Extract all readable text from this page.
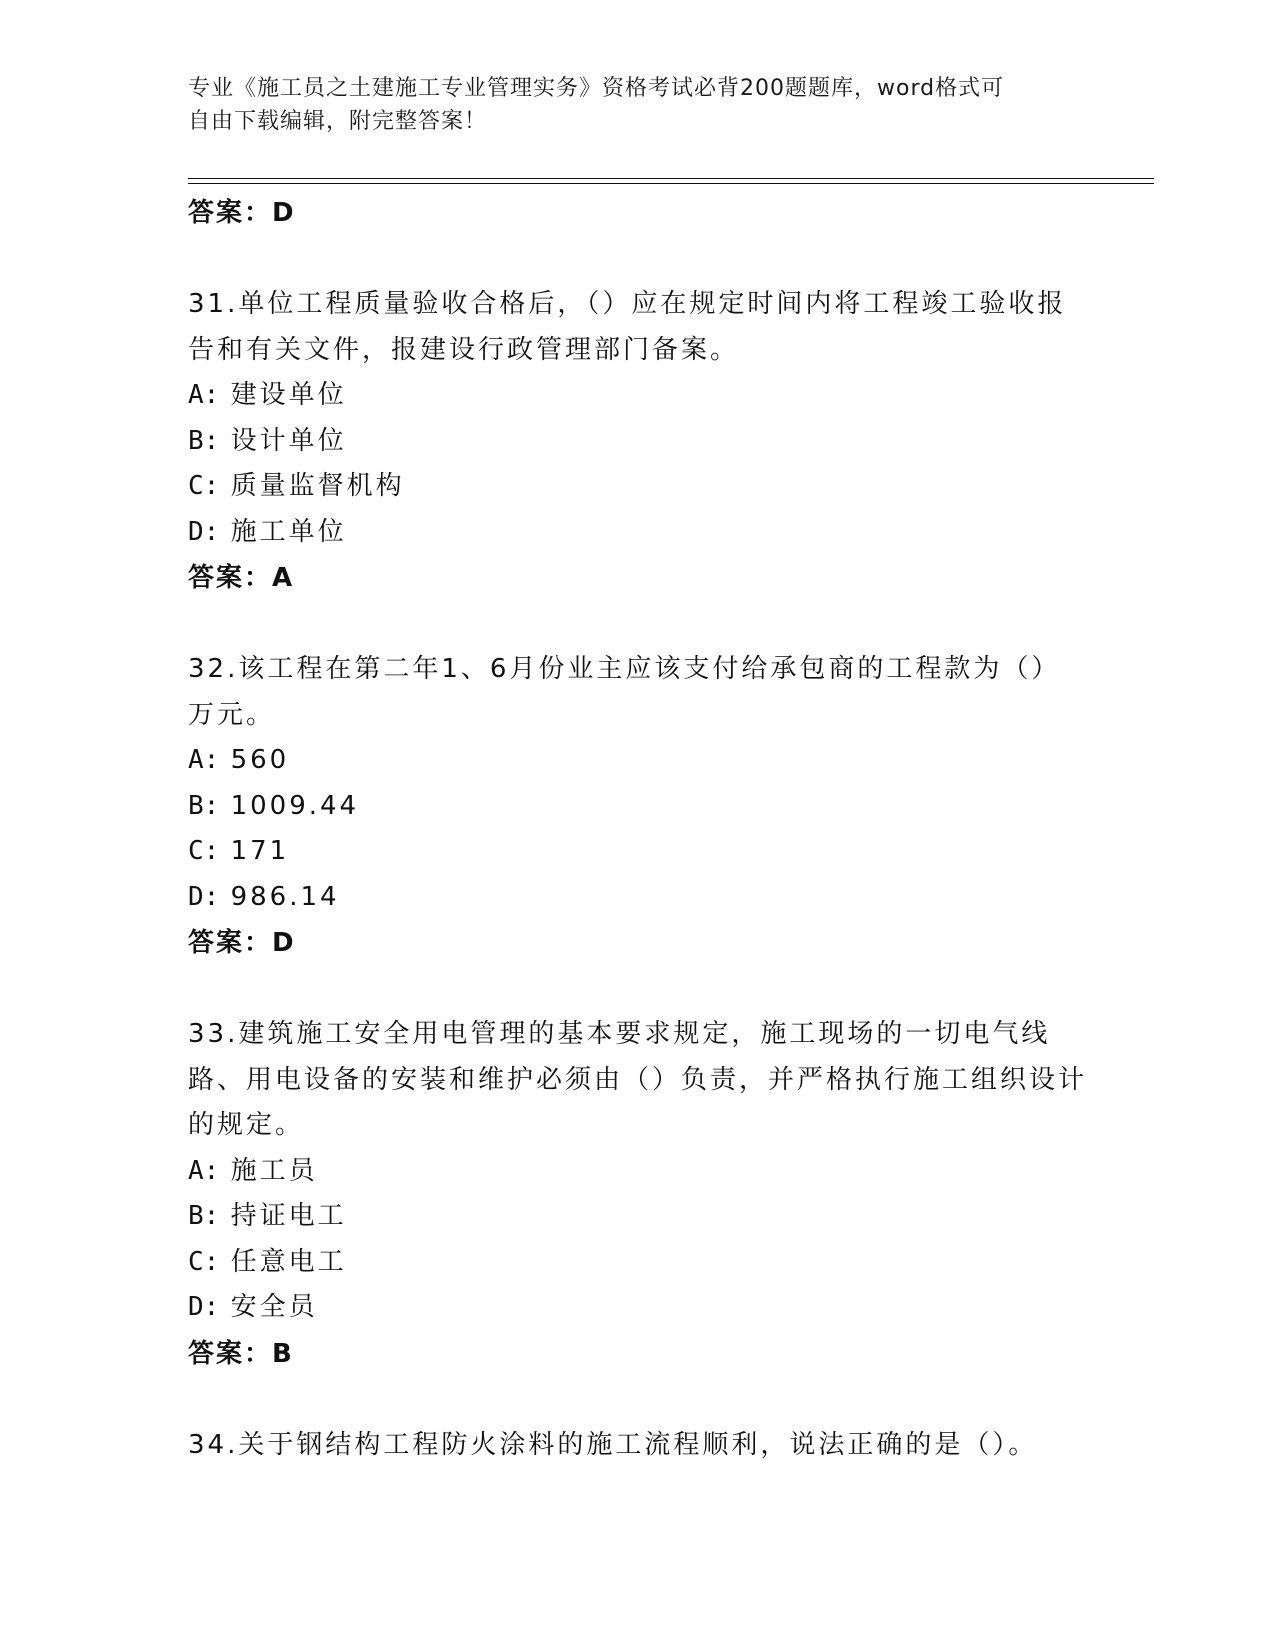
专业《施工员之土建施工专业管理实务》资格考试必背200题题库，word格式可
自由下载编辑，附完整答案！
答案：D
31.单位工程质量验收合格后，（）应在规定时间内将工程竣工验收报告和有关文件，报建设行政管理部门备案。
A: 建设单位
B: 设计单位
C: 质量监督机构
D: 施工单位
答案：A
32.该工程在第二年1、6月份业主应该支付给承包商的工程款为（）万元。
A: 560
B: 1009.44
C: 171
D: 986.14
答案：D
33.建筑施工安全用电管理的基本要求规定，施工现场的一切电气线路、用电设备的安装和维护必须由（）负责，并严格执行施工组织设计的规定。
A: 施工员
B: 持证电工
C: 任意电工
D: 安全员
答案：B
34.关于钢结构工程防火涂料的施工流程顺利，说法正确的是（）。
